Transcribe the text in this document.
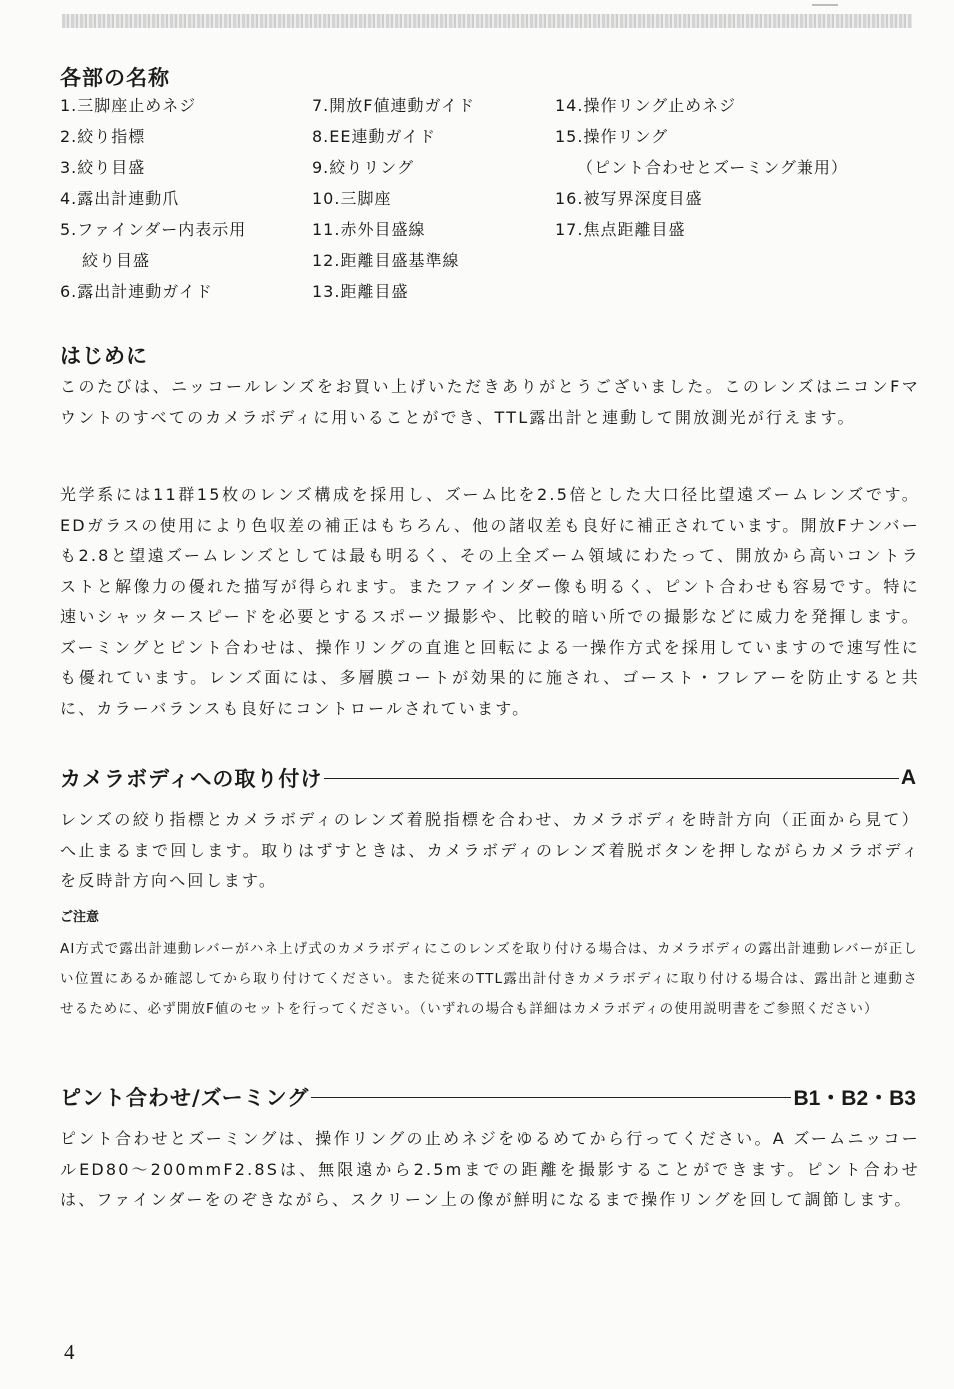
各部の名称
1.三脚座止めネジ
2.絞り指標
3.絞り目盛
4.露出計連動爪
5.ファインダー内表示用
絞り目盛
6.露出計連動ガイド
7.開放F値連動ガイド
8.EE連動ガイド
9.絞りリング
10.三脚座
11.赤外目盛線
12.距離目盛基準線
13.距離目盛
14.操作リング止めネジ
15.操作リング
（ピント合わせとズーミング兼用）
16.被写界深度目盛
17.焦点距離目盛
はじめに

このたびは、ニッコールレンズをお買い上げいただきありがとうございました。このレンズはニコンFマウントのすべてのカメラボディに用いることができ、TTL露出計と連動して開放測光が行えます。

光学系には11群15枚のレンズ構成を採用し、ズーム比を2.5倍とした大口径比望遠ズームレンズです。EDガラスの使用により色収差の補正はもちろん、他の諸収差も良好に補正されています。開放Fナンバーも2.8と望遠ズームレンズとしては最も明るく、その上全ズーム領域にわたって、開放から高いコントラストと解像力の優れた描写が得られます。またファインダー像も明るく、ピント合わせも容易です。特に速いシャッタースピードを必要とするスポーツ撮影や、比較的暗い所での撮影などに威力を発揮します。ズーミングとピント合わせは、操作リングの直進と回転による一操作方式を採用していますので速写性にも優れています。レンズ面には、多層膜コートが効果的に施され、ゴースト・フレアーを防止すると共に、カラーバランスも良好にコントロールされています。

カメラボディへの取り付け	A

レンズの絞り指標とカメラボディのレンズ着脱指標を合わせ、カメラボディを時計方向（正面から見て）へ止まるまで回します。取りはずすときは、カメラボディのレンズ着脱ボタンを押しながらカメラボディを反時計方向へ回します。

ご注意

AI方式で露出計連動レバーがハネ上げ式のカメラボディにこのレンズを取り付ける場合は、カメラボディの露出計連動レバーが正しい位置にあるか確認してから取り付けてください。また従来のTTL露出計付きカメラボディに取り付ける場合は、露出計と連動させるために、必ず開放F値のセットを行ってください。（いずれの場合も詳細はカメラボディの使用説明書をご参照ください）

ピント合わせ/ズーミング	B1・B2・B3

ピント合わせとズーミングは、操作リングの止めネジをゆるめてから行ってください。A ズームニッコールED80～200mmF2.8Sは、無限遠から2.5mまでの距離を撮影することができます。ピント合わせは、ファインダーをのぞきながら、スクリーン上の像が鮮明になるまで操作リングを回して調節します。

4
